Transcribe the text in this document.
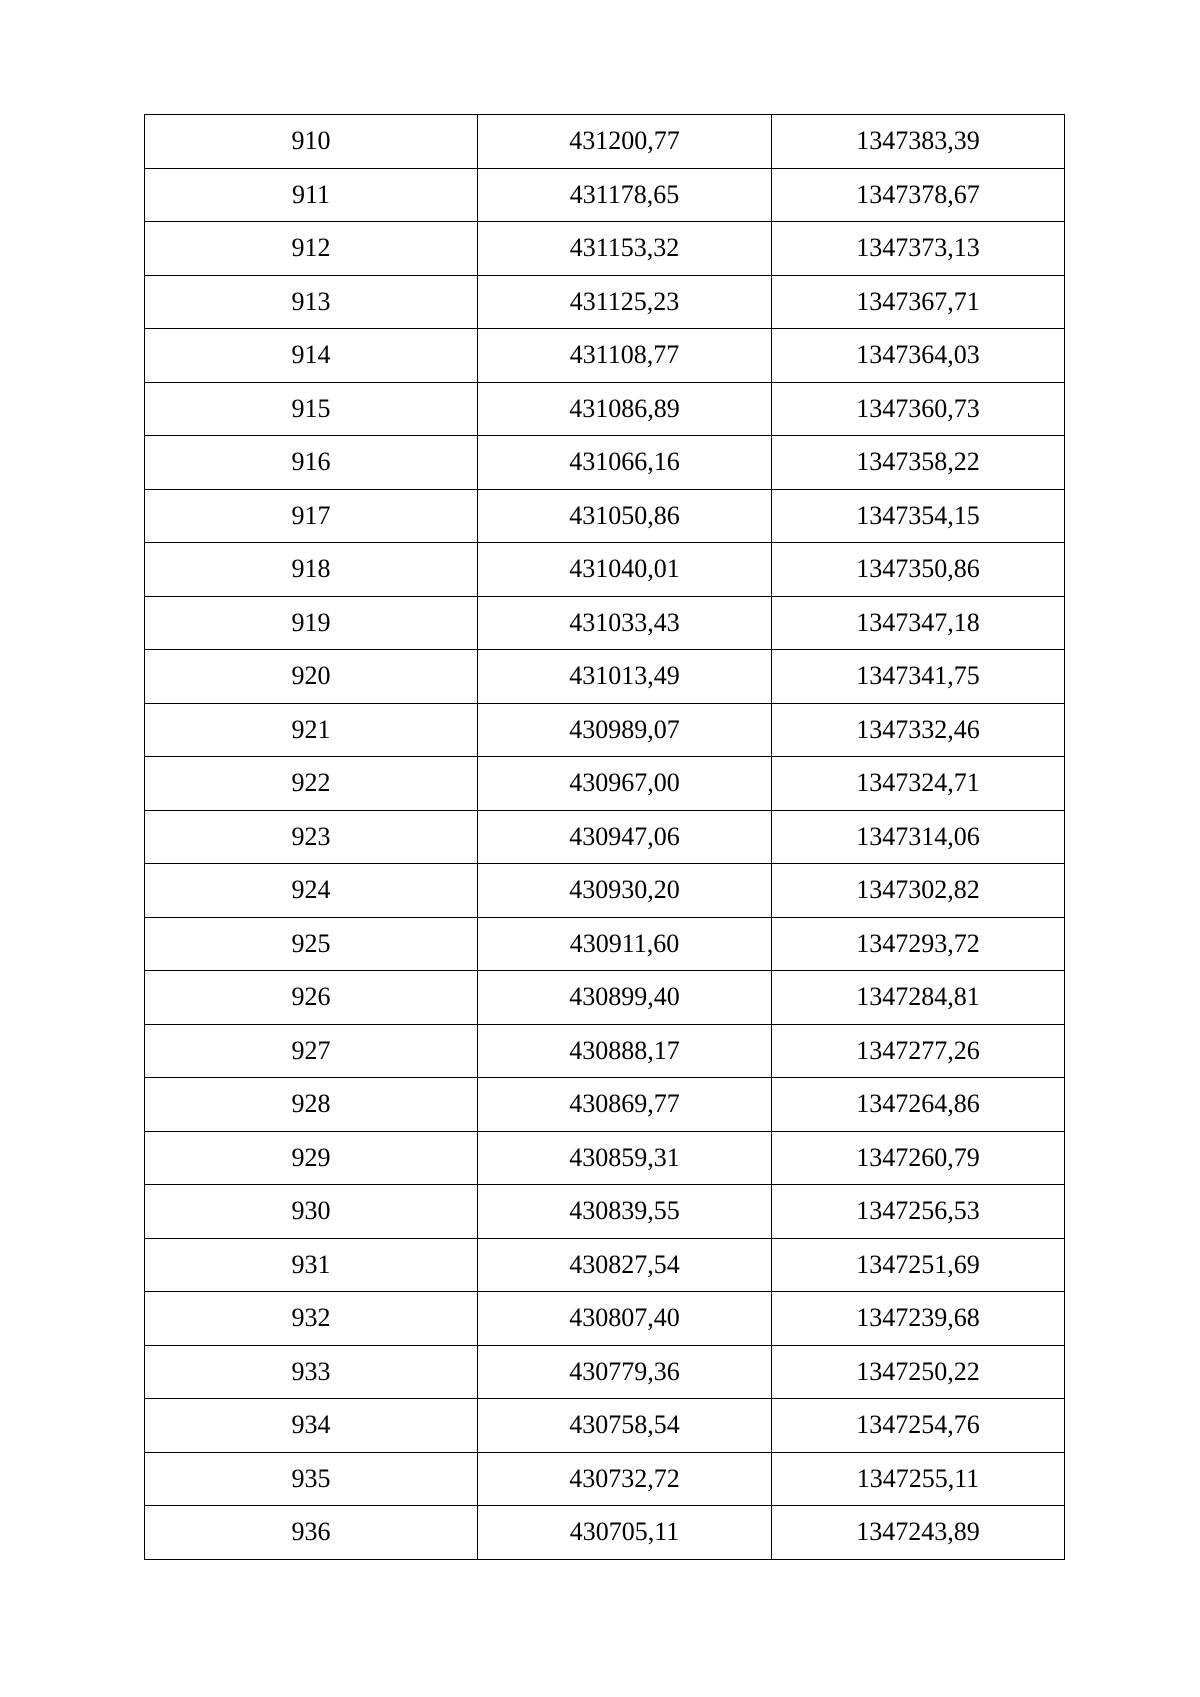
910	431200,77	1347383,39
911	431178,65	1347378,67
912	431153,32	1347373,13
913	431125,23	1347367,71
914	431108,77	1347364,03
915	431086,89	1347360,73
916	431066,16	1347358,22
917	431050,86	1347354,15
918	431040,01	1347350,86
919	431033,43	1347347,18
920	431013,49	1347341,75
921	430989,07	1347332,46
922	430967,00	1347324,71
923	430947,06	1347314,06
924	430930,20	1347302,82
925	430911,60	1347293,72
926	430899,40	1347284,81
927	430888,17	1347277,26
928	430869,77	1347264,86
929	430859,31	1347260,79
930	430839,55	1347256,53
931	430827,54	1347251,69
932	430807,40	1347239,68
933	430779,36	1347250,22
934	430758,54	1347254,76
935	430732,72	1347255,11
936	430705,11	1347243,89
